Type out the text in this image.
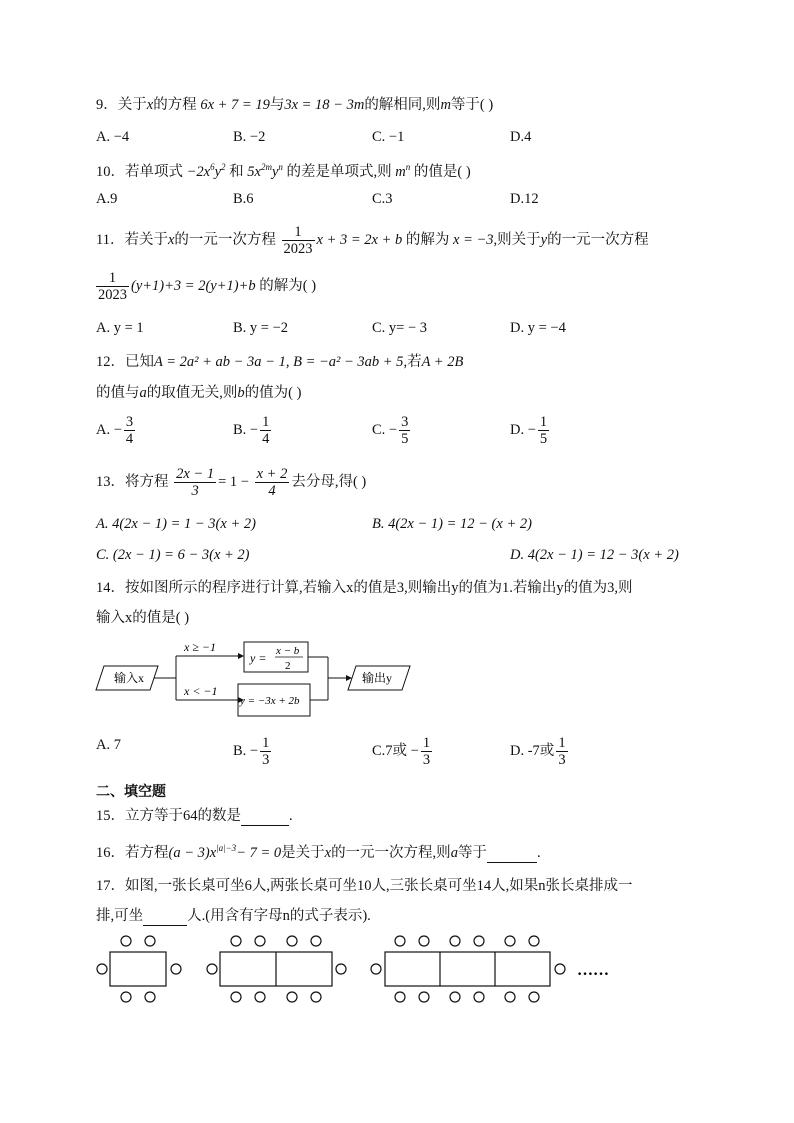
9．关于x的方程 6x + 7 = 19与3x = 18 − 3m的解相同,则m等于( )
A. −4	B. −2	C. −1	D.4
10．若单项式 $-2x^6y^2$ 和 $5x^{2m}y^n$ 的差是单项式,则 $m^n$ 的值是( )
A.9	B.6	C.3	D.12
11．若关于x的一元一次方程 $\frac{1}{2023}$ x + 3 = 2x + b 的解为 x = −3,则关于y的一元一次方程
$\frac{1}{2023} (y+1)+3 = 2(y+1)+b$ 的解为( )
A. y = 1	B. y = −2	C. y= − 3	D. y = −4
12．已知A = 2a² + ab − 3a − 1, B = −a² − 3ab + 5,若A + 2B
的值与a的取值无关,则b的值为( )
A. − $\frac{3}{4}$	B. − $\frac{1}{4}$	C. − $\frac{3}{5}$	D. − $\frac{1}{5}$
13．将方程 $\frac{2x - 1}{3} = 1 - \frac{x + 2}{4}$ 去分母,得( )
A. 4(2x − 1) = 1 − 3(x + 2)	B. 4(2x − 1) = 12 − (x + 2)
C. (2x − 1) = 6 − 3(x + 2)	D. 4(2x − 1) = 12 − 3(x + 2)
14．按如图所示的程序进行计算,若输入x的值是3,则输出y的值为1.若输出y的值为3,则
输入x的值是( )
输入x
x ≥ −1
x < −1
y = x − b
2
y = −3x + 2b
输出y
A. 7	B. − $\frac{1}{3}$	C.7或 − $\frac{1}{3}$	D. -7或 $\frac{1}{3}$
二、填空题
15．立方等于64的数是	.
16．若方程$(a - 3)x^{|a|-3}- 7 = 0$是关于x的一元一次方程,则a等于	.
17．如图,一张长桌可坐6人,两张长桌可坐10人,三张长桌可坐14人,如果n张长桌排成一
排,可坐	人.(用含有字母n的式子表示).
……
